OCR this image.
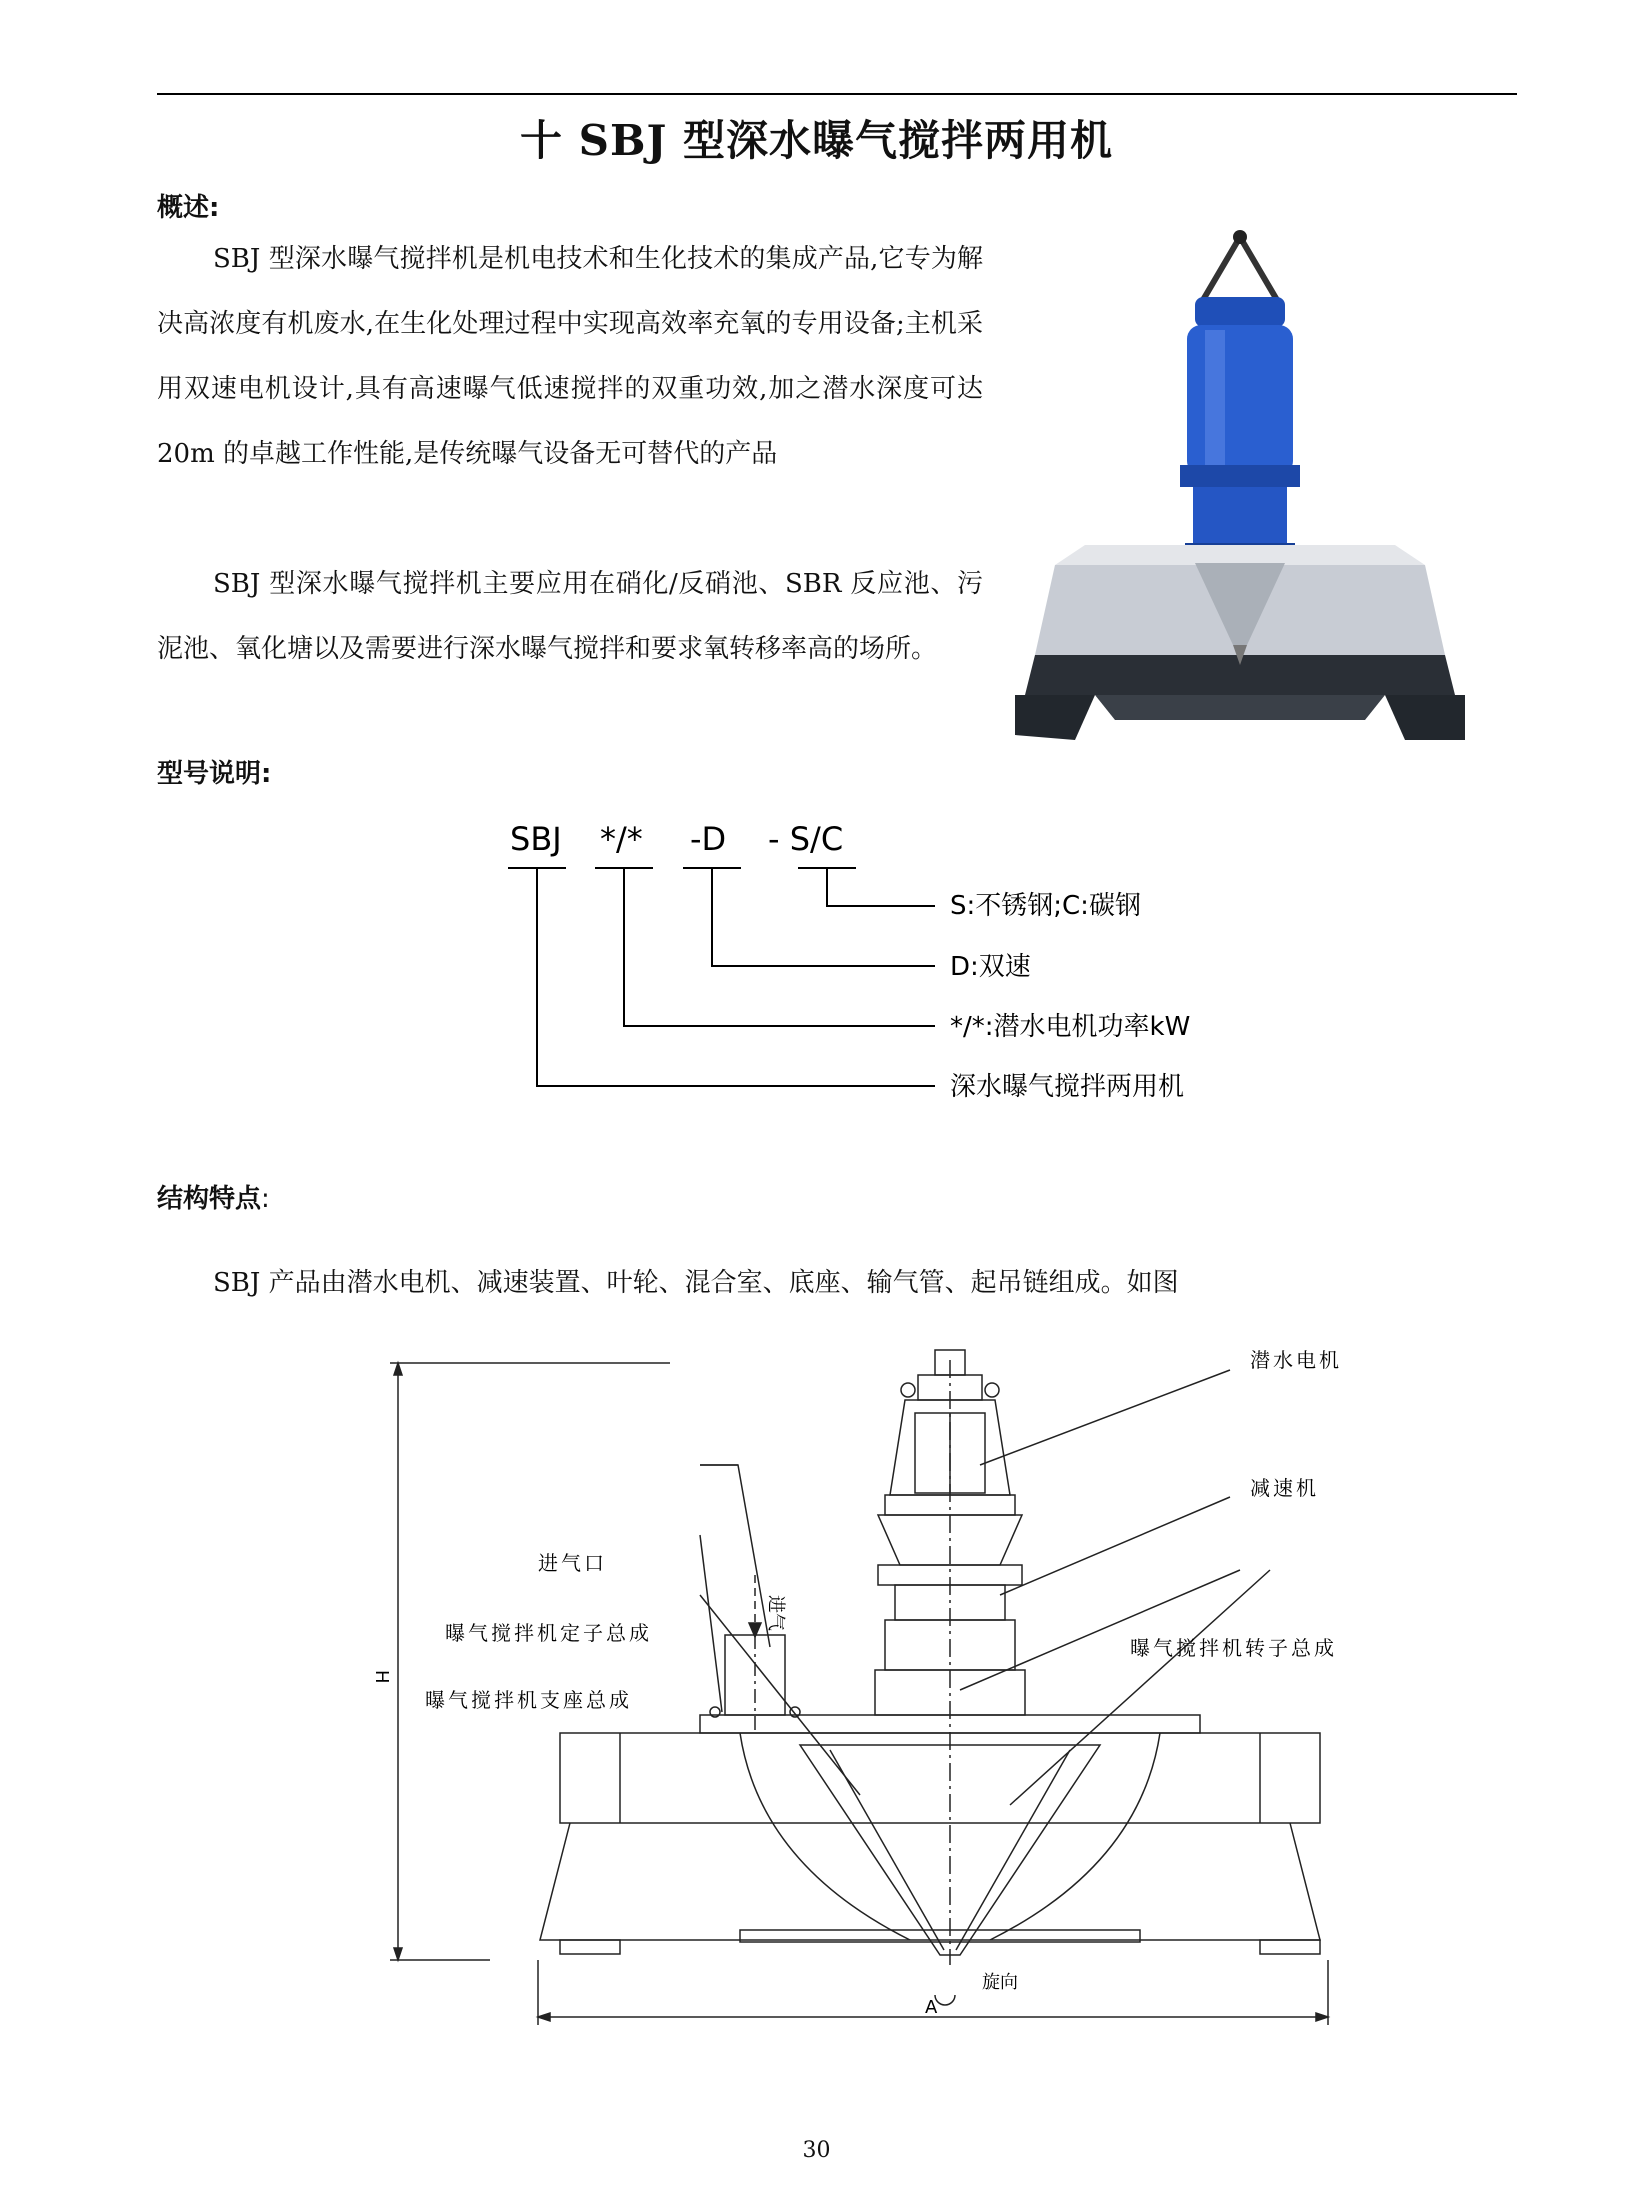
十 SBJ 型深水曝气搅拌两用机
概述:
SBJ 型深水曝气搅拌机是机电技术和生化技术的集成产品,它专为解决高浓度有机废水,在生化处理过程中实现高效率充氧的专用设备;主机采用双速电机设计,具有高速曝气低速搅拌的双重功效,加之潜水深度可达 20m 的卓越工作性能,是传统曝气设备无可替代的产品
SBJ 型深水曝气搅拌机主要应用在硝化/反硝池、SBR 反应池、污泥池、氧化塘以及需要进行深水曝气搅拌和要求氧转移率高的场所。
型号说明:
SBJ */* -D - S/C
S:不锈钢;C:碳钢
D:双速
*/*:潜水电机功率kW
深水曝气搅拌两用机
结构特点:
SBJ 产品由潜水电机、减速装置、叶轮、混合室、底座、输气管、起吊链组成。如图
潜水电机
减速机
进气口
进气
曝气搅拌机定子总成
曝气搅拌机转子总成
曝气搅拌机支座总成
H
A
旋向
30
